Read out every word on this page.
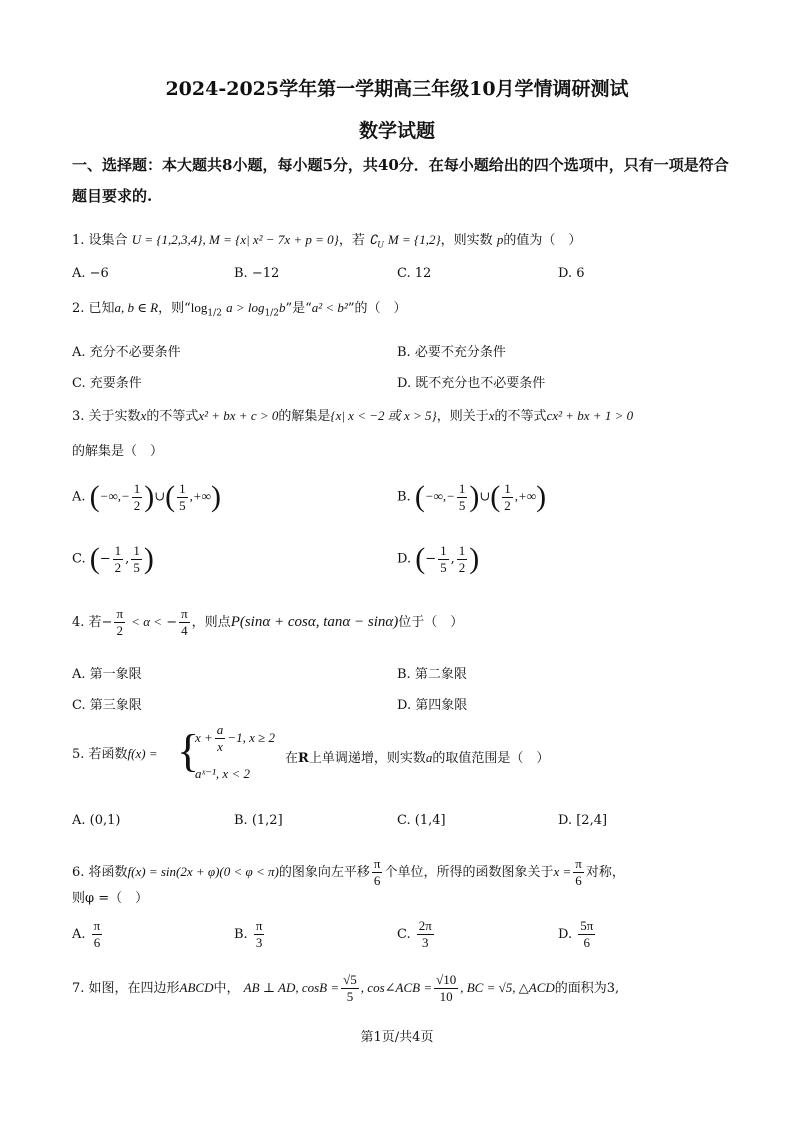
2024-2025学年第一学期高三年级10月学情调研测试
数学试题
一、选择题：本大题共8小题，每小题5分，共40分．在每小题给出的四个选项中，只有一项是符合题目要求的.
1. 设集合 U = {1,2,3,4}, M = {x| x² − 7x + p = 0}，若 $∁_U$ M = {1,2}，则实数 p的值为（　）
A. −6	B. −12	C. 12	D. 6
2. 已知a, b ∈ R，则“$\log_{1/2}$ $a > \log_{1/2}b$”是“a² < b²”的（　）
A. 充分不必要条件	B. 必要不充分条件
C. 充要条件	D. 既不充分也不必要条件
3. 关于实数x的不等式x² + bx + c > 0的解集是{x| x < −2 或 x > 5}，则关于x的不等式cx² + bx + 1 > 0
的解集是（　）
A. (−∞,− $\frac{1}{2}$ )∪( $\frac{1}{5}$ ,+∞)	B. (−∞,− $\frac{1}{5}$ )∪( $\frac{1}{2}$ ,+∞)
C. (− $\frac{1}{2}$ , $\frac{1}{5}$ )	D. (− $\frac{1}{5}$ , $\frac{1}{2}$ )
4. 若− $\frac{\pi}{2} < \alpha$ < − $\frac{\pi}{4}$ ，则点P(sinα + cosα, tanα − sinα)位于（　）
A. 第一象限	B. 第二象限
C. 第三象限	D. 第四象限
5. 若函数f(x) = {
$x + \frac{a}{x} -1$, x ≥ 2
aˣ⁻¹, x < 2
在R上单调递增，则实数a的取值范围是（　）
A. (0,1)	B. (1,2]	C. (1,4]	D. [2,4]
6. 将函数f(x) = sin(2x + φ)(0 < φ < π)的图象向左平移 $\frac{\pi}{6}$ 个单位，所得的函数图象关于$x = \frac{\pi}{6}$ 对称，
则φ =（　）
A. $\frac{\pi}{6}$	B. $\frac{\pi}{3}$	C. $\frac{2\pi}{3}$	D. $\frac{5\pi}{6}$
7. 如图，在四边形ABCD中， AB ⊥ AD, $\cos B = \frac{√5}{5}$ , cos∠ACB = $\frac{√10}{10}$ , BC = √5, △ACD的面积为3,
第1页/共4页
